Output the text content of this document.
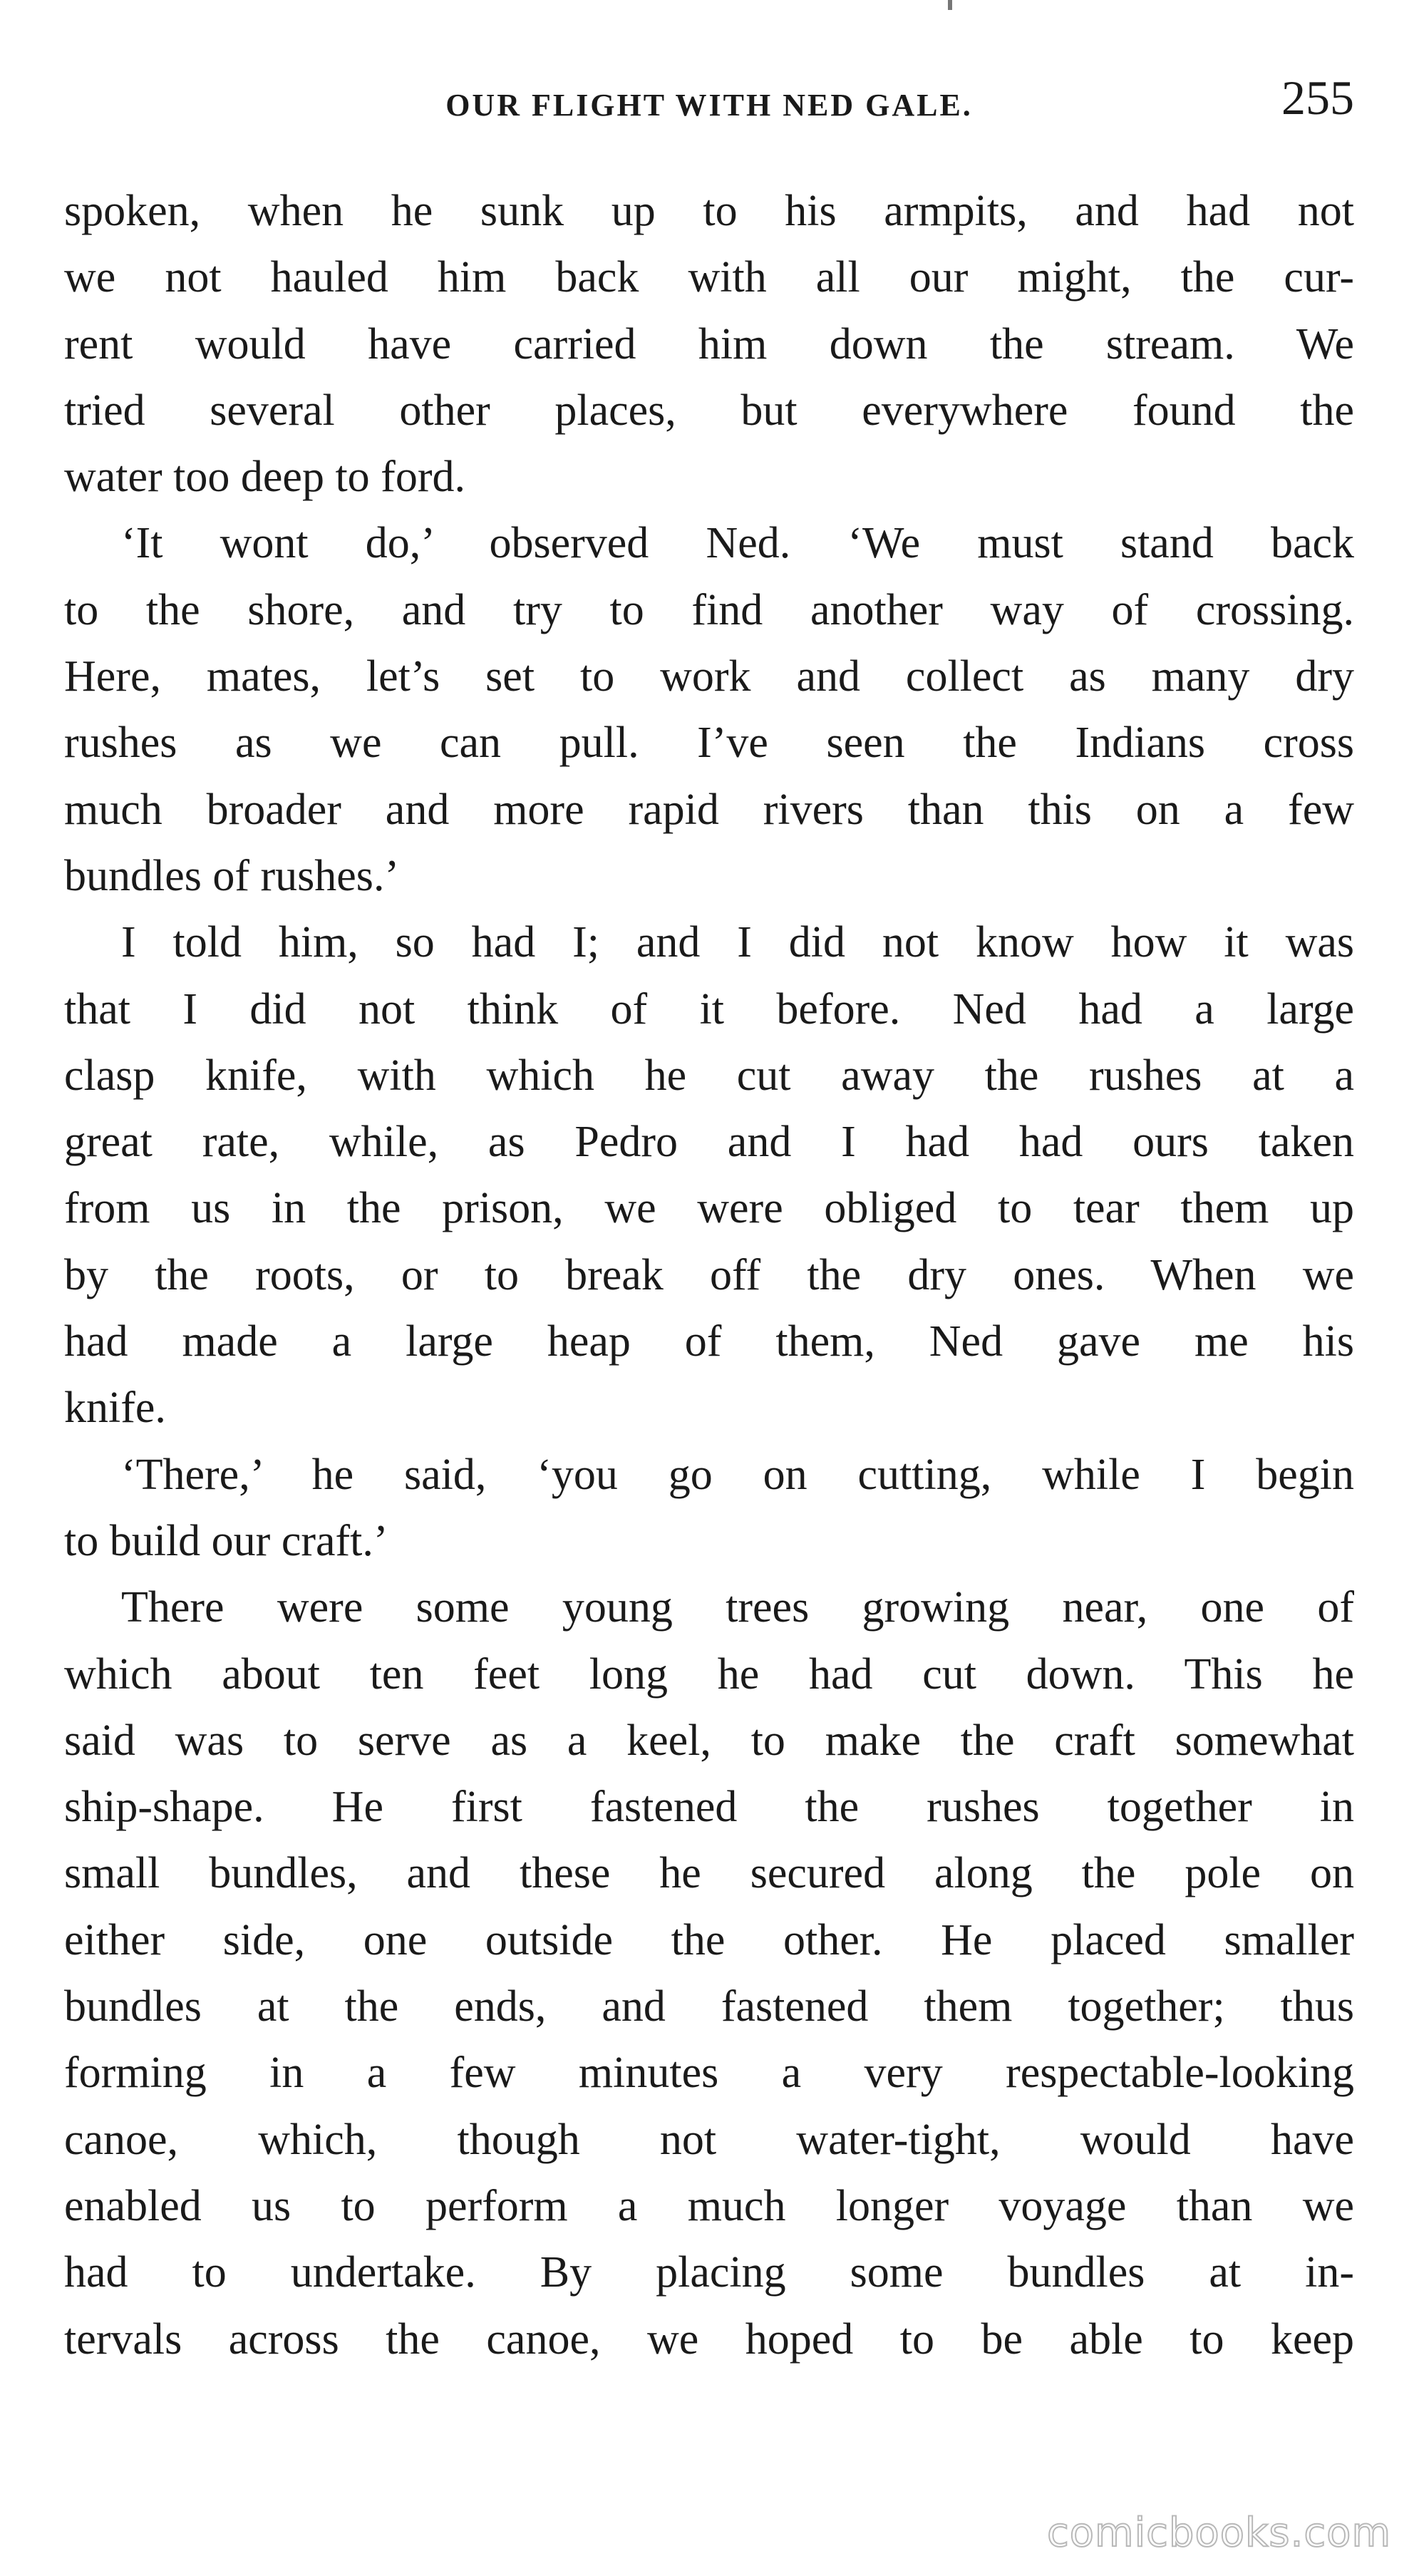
OUR FLIGHT WITH NED GALE.	255
spoken, when he sunk up to his armpits, and had not
we not hauled him back with all our might, the cur-
rent would have carried him down the stream. We
tried several other places, but everywhere found the
water too deep to ford.
‘It wont do,’ observed Ned. ‘We must stand back
to the shore, and try to find another way of crossing.
Here, mates, let’s set to work and collect as many dry
rushes as we can pull. I’ve seen the Indians cross
much broader and more rapid rivers than this on a few
bundles of rushes.’
I told him, so had I; and I did not know how it was
that I did not think of it before. Ned had a large
clasp knife, with which he cut away the rushes at a
great rate, while, as Pedro and I had had ours taken
from us in the prison, we were obliged to tear them up
by the roots, or to break off the dry ones. When we
had made a large heap of them, Ned gave me his
knife.
‘There,’ he said, ‘you go on cutting, while I begin
to build our craft.’
There were some young trees growing near, one of
which about ten feet long he had cut down. This he
said was to serve as a keel, to make the craft somewhat
ship-shape. He first fastened the rushes together in
small bundles, and these he secured along the pole on
either side, one outside the other. He placed smaller
bundles at the ends, and fastened them together; thus
forming in a few minutes a very respectable-looking
canoe, which, though not water-tight, would have
enabled us to perform a much longer voyage than we
had to undertake. By placing some bundles at in-
tervals across the canoe, we hoped to be able to keep
comicbooks.com
